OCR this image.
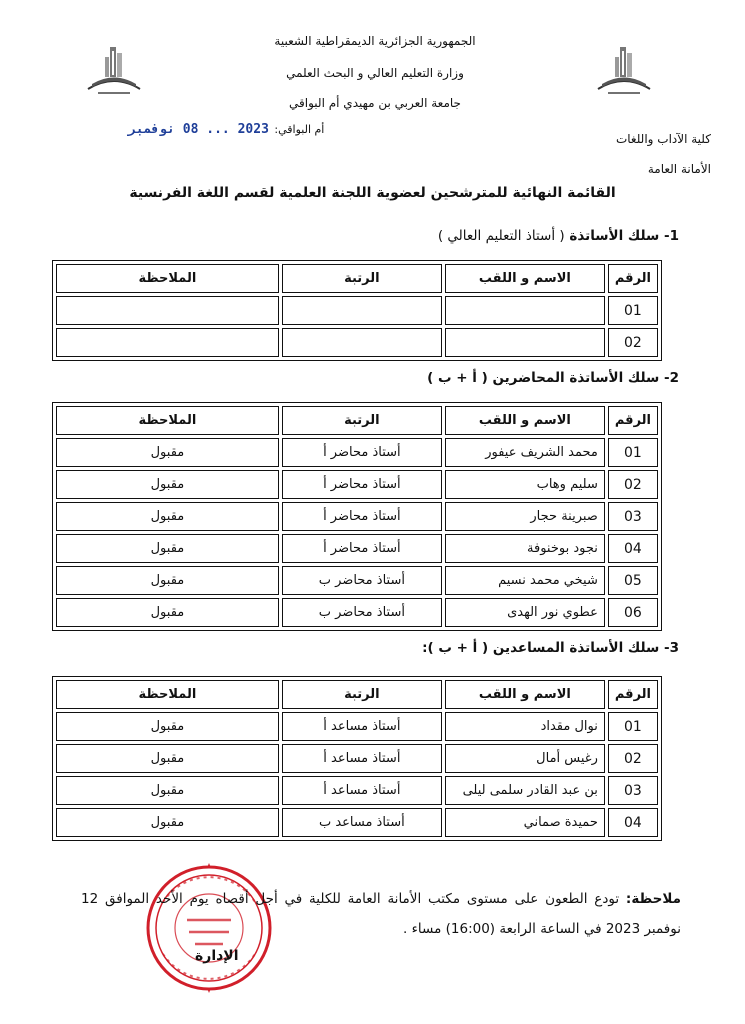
الجمهورية الجزائرية الديمقراطية الشعبية
وزارة التعليم العالي و البحث العلمي
جامعة العربي بن مهيدي أم البواقي
أم البواقي: 2023 ... 08 نوفمبر
كلية الآداب واللغات
الأمانة العامة
القائمة النهائية للمترشحين لعضوية اللجنة العلمية لقسم اللغة الفرنسية
1- سلك الأساتذة ( أستاذ التعليم العالي )
الرقم	الاسم و اللقب	الرتبة	الملاحظة
01			
02			
2- سلك الأساتذة المحاضرين ( أ + ب )
الرقم	الاسم و اللقب	الرتبة	الملاحظة
01	محمد الشريف عيفور	أستاذ محاضر أ	مقبول
02	سليم وهاب	أستاذ محاضر أ	مقبول
03	صبرينة حجار	أستاذ محاضر أ	مقبول
04	نجود بوخنوفة	أستاذ محاضر أ	مقبول
05	شيخي محمد نسيم	أستاذ محاضر ب	مقبول
06	عطوي نور الهدى	أستاذ محاضر ب	مقبول
3- سلك الأساتذة المساعدين ( أ + ب ):
الرقم	الاسم و اللقب	الرتبة	الملاحظة
01	نوال مقداد	أستاذ مساعد أ	مقبول
02	رغيس أمال	أستاذ مساعد أ	مقبول
03	بن عبد القادر سلمى ليلى	أستاذ مساعد أ	مقبول
04	حميدة صماني	أستاذ مساعد ب	مقبول
ملاحظة: تودع الطعون على مستوى مكتب الأمانة العامة للكلية في أجل أقصاه يوم الأحد الموافق 12 نوفمبر 2023 في الساعة الرابعة (16:00) مساء .
الإدارة
